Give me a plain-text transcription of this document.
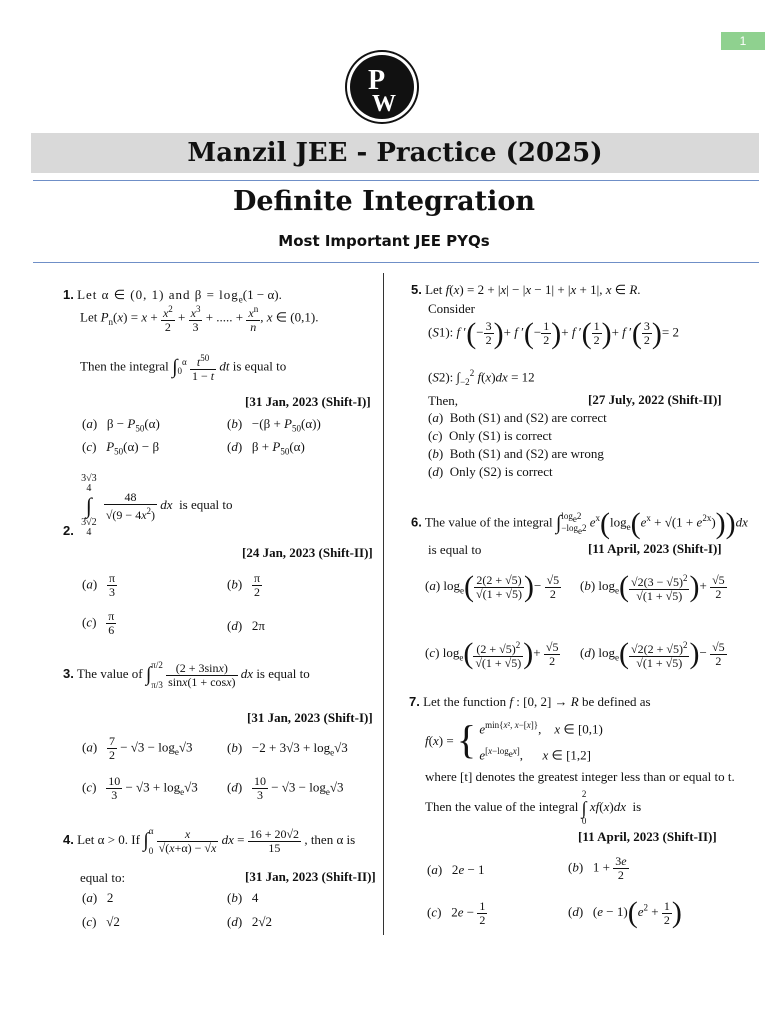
1
P
W
Manzil JEE - Practice (2025)
Definite Integration
Most Important JEE PYQs
1. Let α ∈ (0, 1) and $\beta = \log_e(1 - \alpha)$.
Let $P_n(x) = x + \frac{x^2}{2} + \frac{x^3}{3}$ + ..... + $\frac{x^n}{n}$ , x ∈ (0,1).
Then the integral $\int_0^\alpha \frac{t^{50}}{1 - t}$ dt is equal to
[31 Jan, 2023 (Shift-I)]
(a)   $\beta - P_{50}(\alpha)$	$(b) -(\beta + P_{50}(\alpha))$
(c)   $P_{50}(\alpha) - \beta$	(d)   $\beta + P_{50}(\alpha)$
2.
3√3
4
∫
3√2
4

$\frac{48}{√(9 - 4x^2)}$ dx is equal to
[24 Jan, 2023 (Shift-II)]
$(a) \frac{\pi}{3}$	$(b) \frac{\pi}{2}$
$(c) \frac{\pi}{6}$	(d)   2π
3. The value of ∫π/2

$\pi/3 \frac{(2 + 3\sin x)}{\sin x(1 + \cos x)}$ dx is equal to
[31 Jan, 2023 (Shift-I)]
$(a) \frac{7}{2} - √3 - \log_e√3$	$(b) -2 + 3√3 + \log_e√3$
$(c) \frac{10}{3} - √3 + \log_e√3$ $(d) \frac{10}{3} - √3 - \log_e√3$
4. Let α > 0. If ∫α

$0 \frac{x}{√(x+\alpha) - √x}$ dx = $\frac{16 + 20√2}{15}$ , then α is
equal to:	[31 Jan, 2023 (Shift-II)]
(a)   2	(b)   4
(c)   √2	(d)   2√2
5. Let f(x) = 2 + |x| − |x − 1| + |x + 1|, x ∈ R.
Consider
(S1): f ′(− $\frac{3}{2}$ )+ f ′(− $\frac{1}{2}$ )+ f ′( $\frac{1}{2}$ )+ f ′( $\frac{3}{2}$ )= 2
(S2): $\int_{-2}^2$ f(x)dx = 12
Then,	[27 July, 2022 (Shift-II)]
(a)  Both (S1) and (S2) are correct
(c)  Only (S1) is correct
(b)  Both (S1) and (S2) are wrong
(d)  Only (S2) is correct
6. The value of the integral ∫loge2
−loge2 $e^x(\log_e(e^x + √(1 + e^{2x})))dx$
is equal to	[11 April, 2023 (Shift-I)]
(a) $\log_e( \frac{2(2 + √5)}{√(1 + √5)}$ )− $\frac{√5}{2} (b)$ $\log_e( \frac{√2(3 - √5)^2}{√(1 + √5)}$ )+ $\frac{√5}{2}$
(c) $\log_e( \frac{(2 + √5)^2}{√(1 + √5)}$ )+ $\frac{√5}{2} (d)$ $\log_e( \frac{√2(2 + √5)^2}{√(1 + √5)}$ )− $\frac{√5}{2}$
7. Let the function f : [0, 2] → R be defined as
f(x) = { $e^{min\{x^2, x-[x]\}}$,    x ∈ [0,1)
e[x−logex],      x ∈ [1,2]
where [t] denotes the greatest integer less than or equal to t.
Then the value of the integral 2
∫
0 xf(x)dx is
[11 April, 2023 (Shift-II)]
(a)   2e − 1	(b)   $1 + \frac{3e}{2}$
(c)   $2e - \frac{1}{2}$	(d)   $(e - 1)(e^2 + \frac{1}{2}$ )
